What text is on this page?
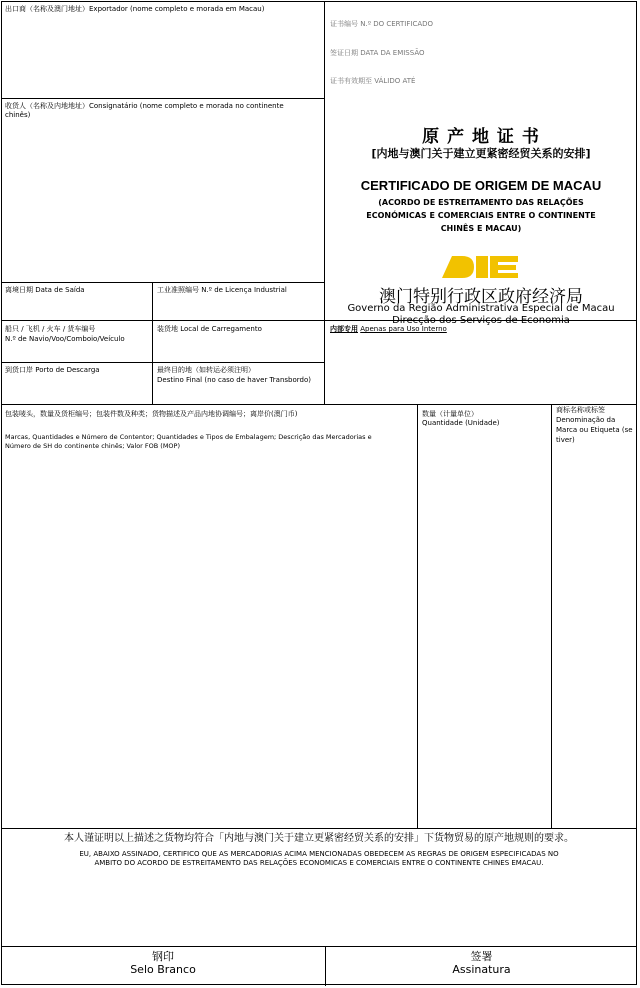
出口商（名称及澳门地址）Exportador (nome completo e morada em Macau)
证书编号 N.º DO CERTIFICADO
签证日期 DATA DA EMISSÃO
证书有效期至 VÁLIDO ATÉ
收货人（名称及内地地址）Consignatário (nome completo e morada no continente
chinês)
原 产 地 证 书
[内地与澳门关于建立更紧密经贸关系的安排]
CERTIFICADO DE ORIGEM DE MACAU
(ACORDO DE ESTREITAMENTO DAS RELAÇÕES
ECONÓMICAS E COMERCIAIS ENTRE O CONTINENTE
CHINÊS E MACAU)
澳门特别行政区政府经济局
Governo da Região Administrativa Especial de Macau
Direcção dos Serviços de Economia
离境日期 Data de Saída	工业准照编号 N.º de Licença Industrial
船只 / 飞机 / 火车 / 货车编号
N.º de Navio/Voo/Comboio/Veículo
装货地 Local de Carregamento	内部专用 Apenas para Uso Interno
到货口岸 Porto de Descarga	最终目的地（如转运必须注明）
Destino Final (no caso de haver Transbordo)
包装唛头，数量及货柜编号；包装件数及种类；货物描述及产品内地协调编号；离岸价(澳门币)
Marcas, Quantidades e Número de Contentor; Quantidades e Tipos de Embalagem; Descrição das Mercadorias e
Número de SH do continente chinês; Valor FOB (MOP)
数量（计量单位）
Quantidade (Unidade)
商标名称或标签
Denominação da
Marca ou Etiqueta (se
tiver)
本人谨证明以上描述之货物均符合「内地与澳门关于建立更紧密经贸关系的安排」下货物贸易的原产地规则的要求。
EU, ABAIXO ASSINADO, CERTIFICO QUE AS MERCADORIAS ACIMA MENCIONADAS OBEDECEM AS REGRAS DE ORIGEM ESPECIFICADAS NO
AMBITO DO ACORDO DE ESTREITAMENTO DAS RELAÇÕES ECONOMICAS E COMERCIAIS ENTRE O CONTINENTE CHINES EMACAU.
钢印
Selo Branco
签署
Assinatura
